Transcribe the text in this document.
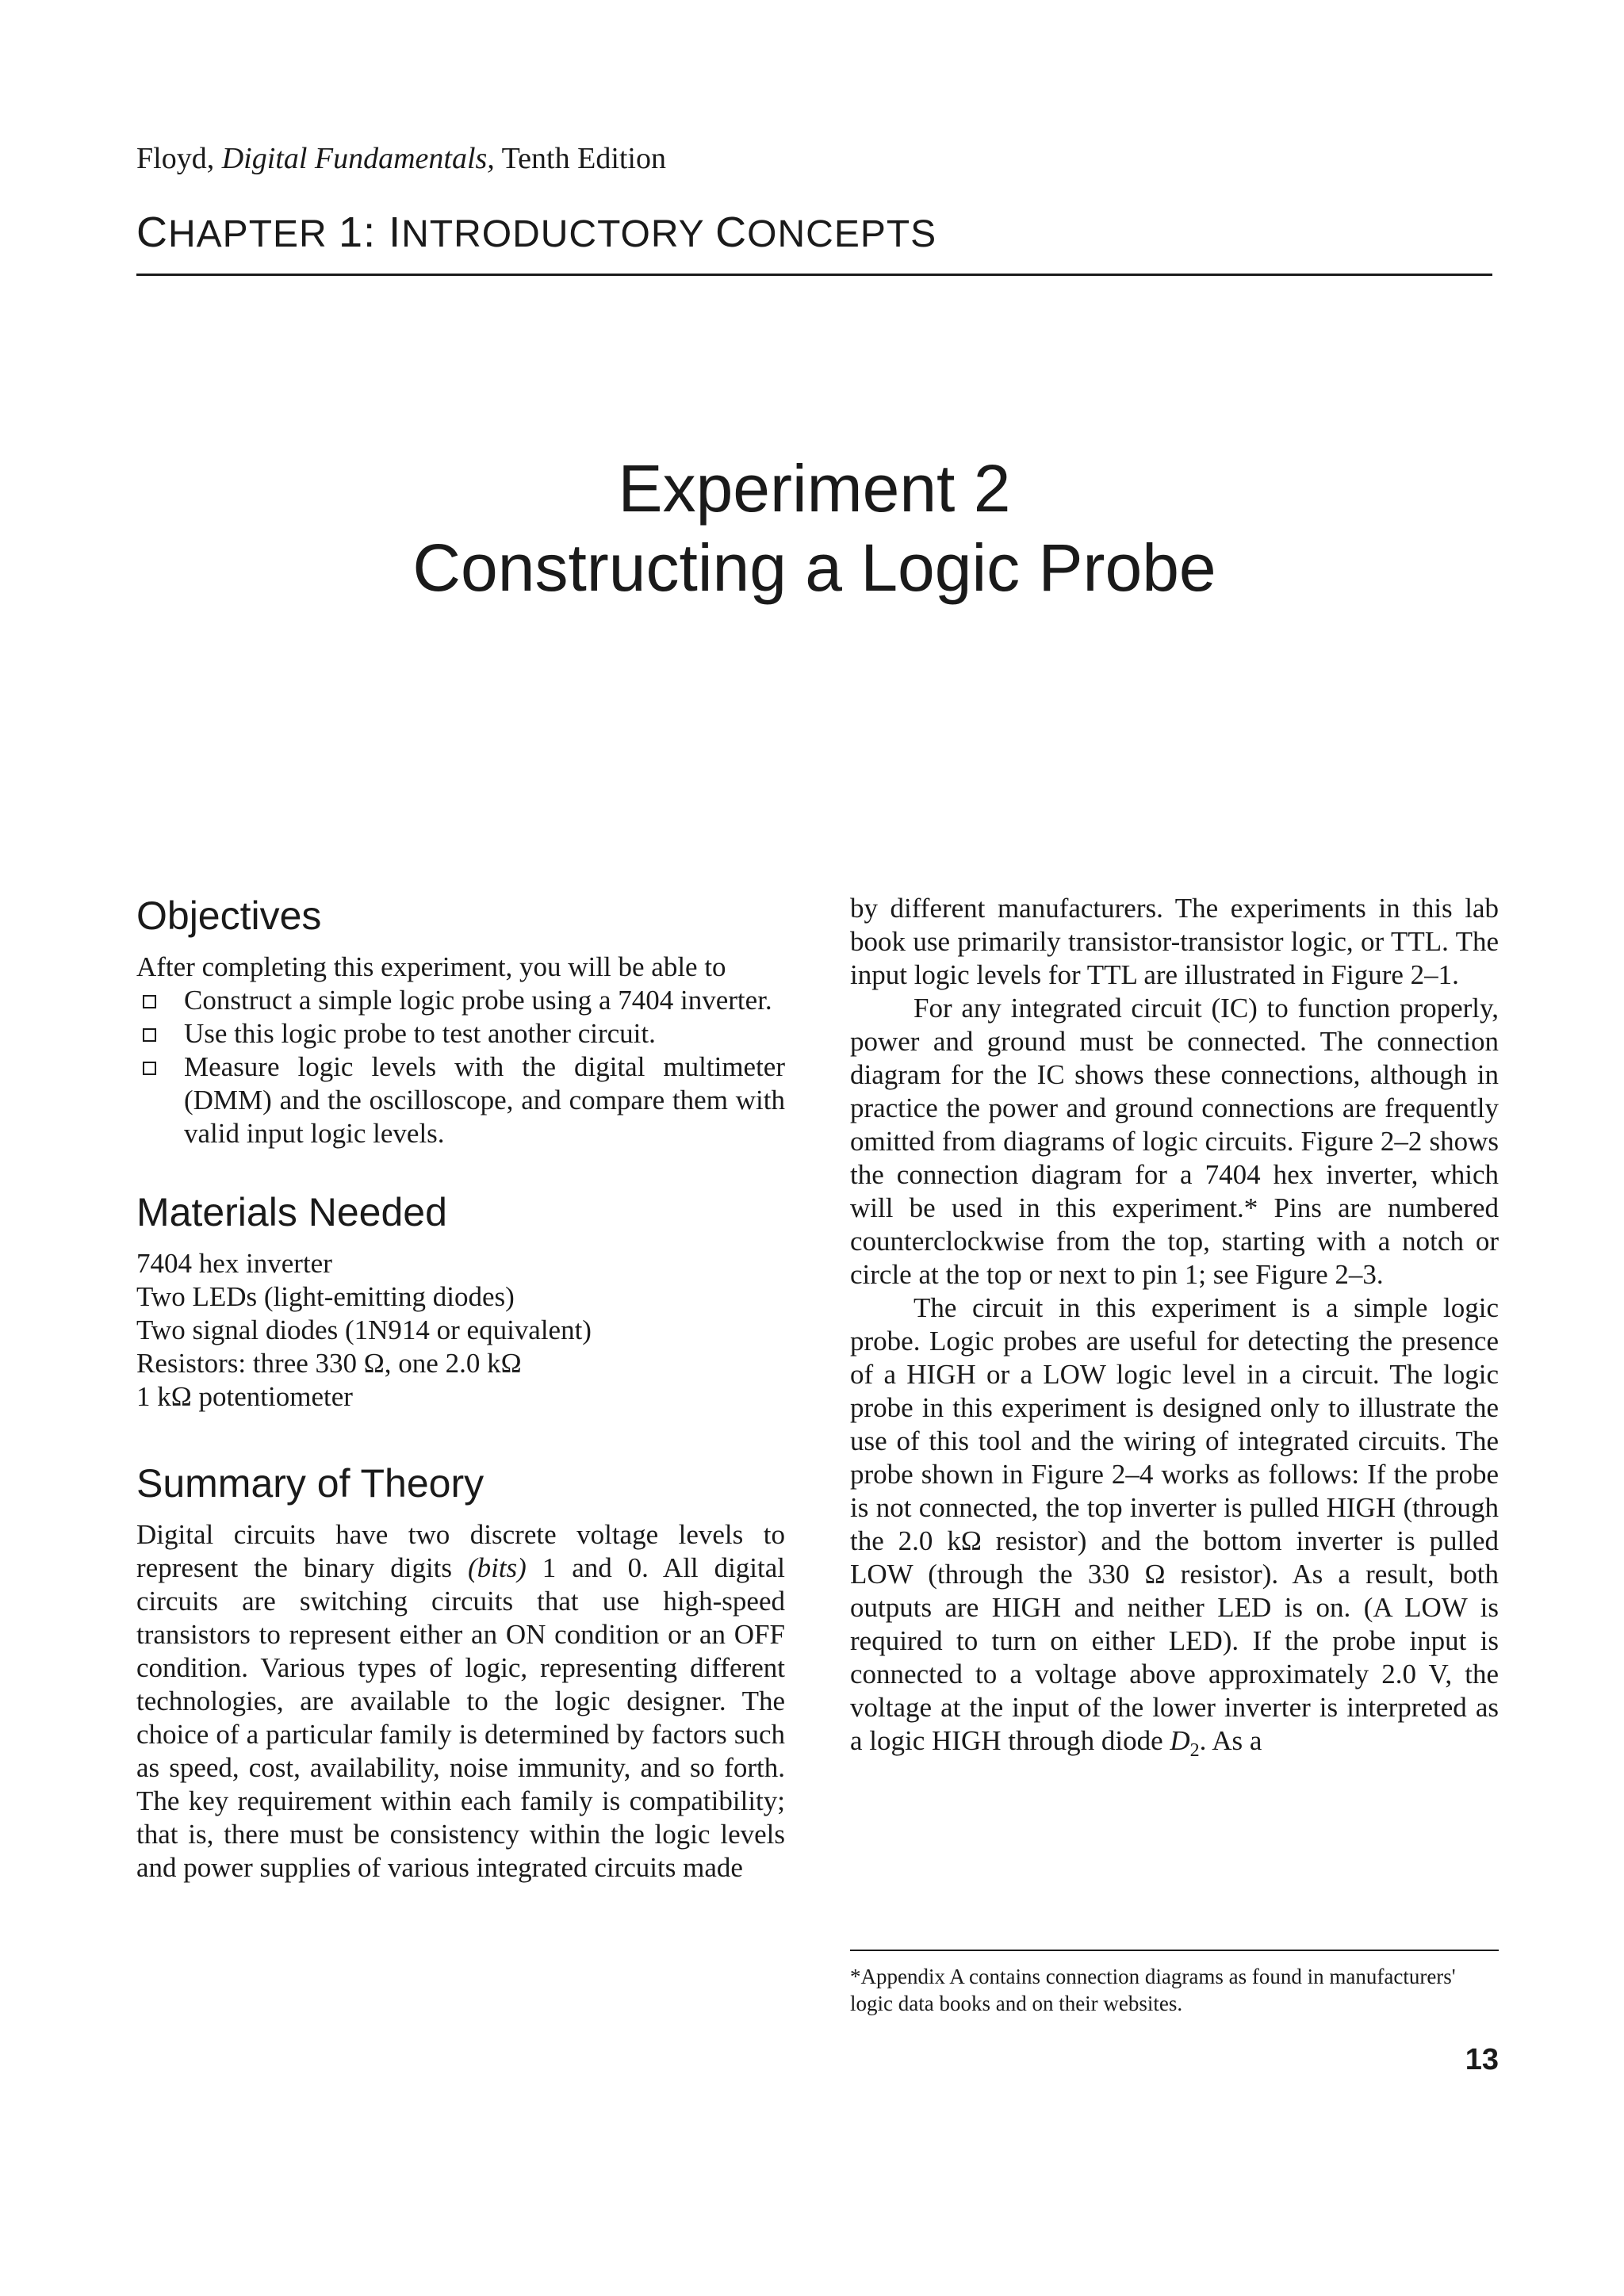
Floyd, Digital Fundamentals, Tenth Edition
CHAPTER 1: INTRODUCTORY CONCEPTS
Experiment 2
Constructing a Logic Probe
Objectives

After completing this experiment, you will be able to

Construct a simple logic probe using a 7404 inverter.
Use this logic probe to test another circuit.
Measure logic levels with the digital multimeter (DMM) and the oscilloscope, and compare them with valid input logic levels.
Materials Needed
7404 hex inverter
Two LEDs (light-emitting diodes)
Two signal diodes (1N914 or equivalent)
Resistors: three 330 Ω, one 2.0 kΩ
1 kΩ potentiometer
Summary of Theory

Digital circuits have two discrete voltage levels to represent the binary digits (bits) 1 and 0. All digital circuits are switching circuits that use high-speed transistors to represent either an ON condition or an OFF condition. Various types of logic, representing different technologies, are available to the logic designer. The choice of a particular family is determined by factors such as speed, cost, availability, noise immunity, and so forth. The key requirement within each family is compatibility; that is, there must be consistency within the logic levels and power supplies of various integrated circuits made

by different manufacturers. The experiments in this lab book use primarily transistor-transistor logic, or TTL. The input logic levels for TTL are illustrated in Figure 2–1.

For any integrated circuit (IC) to function properly, power and ground must be connected. The connection diagram for the IC shows these connections, although in practice the power and ground connections are frequently omitted from diagrams of logic circuits. Figure 2–2 shows the connection diagram for a 7404 hex inverter, which will be used in this experiment.* Pins are numbered counterclockwise from the top, starting with a notch or circle at the top or next to pin 1; see Figure 2–3.

The circuit in this experiment is a simple logic probe. Logic probes are useful for detecting the presence of a HIGH or a LOW logic level in a circuit. The logic probe in this experiment is designed only to illustrate the use of this tool and the wiring of integrated circuits. The probe shown in Figure 2–4 works as follows: If the probe is not connected, the top inverter is pulled HIGH (through the 2.0 kΩ resistor) and the bottom inverter is pulled LOW (through the 330 Ω resistor). As a result, both outputs are HIGH and neither LED is on. (A LOW is required to turn on either LED). If the probe input is connected to a voltage above approximately 2.0 V, the voltage at the input of the lower inverter is interpreted as a logic HIGH through diode $D_2$. As a

*Appendix A contains connection diagrams as found in manufacturers' logic data books and on their websites.
13
